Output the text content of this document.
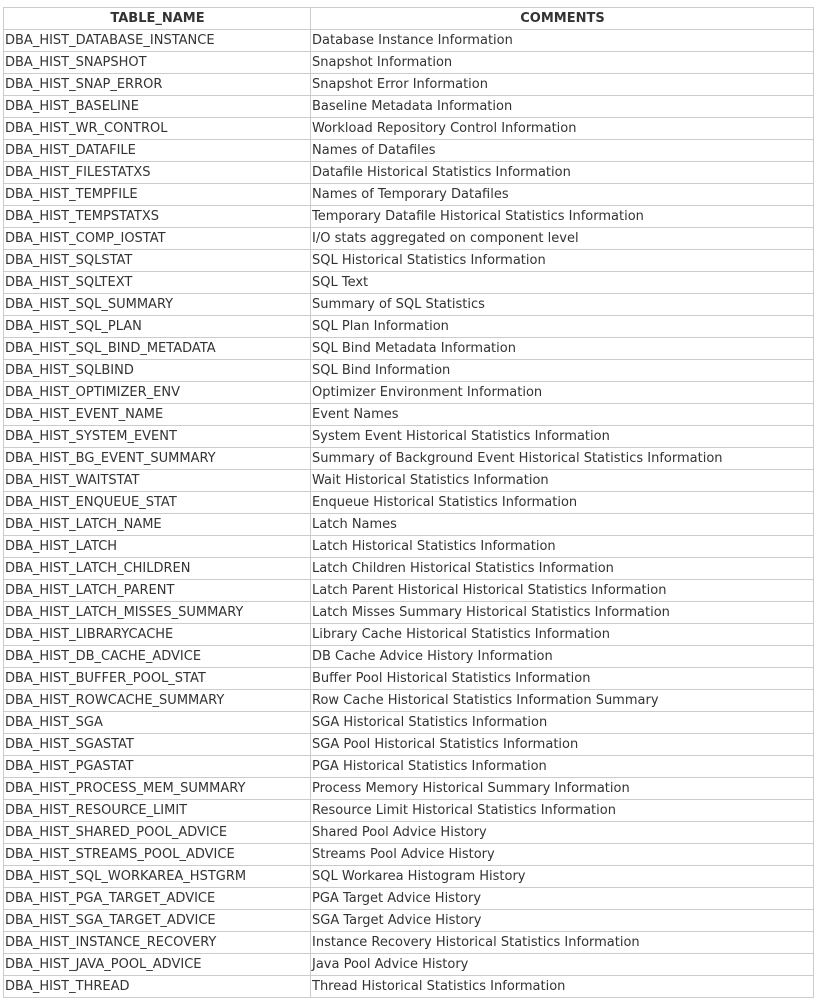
TABLE_NAME	COMMENTS
DBA_HIST_DATABASE_INSTANCE	Database Instance Information
DBA_HIST_SNAPSHOT	Snapshot Information
DBA_HIST_SNAP_ERROR	Snapshot Error Information
DBA_HIST_BASELINE	Baseline Metadata Information
DBA_HIST_WR_CONTROL	Workload Repository Control Information
DBA_HIST_DATAFILE	Names of Datafiles
DBA_HIST_FILESTATXS	Datafile Historical Statistics Information
DBA_HIST_TEMPFILE	Names of Temporary Datafiles
DBA_HIST_TEMPSTATXS	Temporary Datafile Historical Statistics Information
DBA_HIST_COMP_IOSTAT	I/O stats aggregated on component level
DBA_HIST_SQLSTAT	SQL Historical Statistics Information
DBA_HIST_SQLTEXT	SQL Text
DBA_HIST_SQL_SUMMARY	Summary of SQL Statistics
DBA_HIST_SQL_PLAN	SQL Plan Information
DBA_HIST_SQL_BIND_METADATA	SQL Bind Metadata Information
DBA_HIST_SQLBIND	SQL Bind Information
DBA_HIST_OPTIMIZER_ENV	Optimizer Environment Information
DBA_HIST_EVENT_NAME	Event Names
DBA_HIST_SYSTEM_EVENT	System Event Historical Statistics Information
DBA_HIST_BG_EVENT_SUMMARY	Summary of Background Event Historical Statistics Information
DBA_HIST_WAITSTAT	Wait Historical Statistics Information
DBA_HIST_ENQUEUE_STAT	Enqueue Historical Statistics Information
DBA_HIST_LATCH_NAME	Latch Names
DBA_HIST_LATCH	Latch Historical Statistics Information
DBA_HIST_LATCH_CHILDREN	Latch Children Historical Statistics Information
DBA_HIST_LATCH_PARENT	Latch Parent Historical Historical Statistics Information
DBA_HIST_LATCH_MISSES_SUMMARY	Latch Misses Summary Historical Statistics Information
DBA_HIST_LIBRARYCACHE	Library Cache Historical Statistics Information
DBA_HIST_DB_CACHE_ADVICE	DB Cache Advice History Information
DBA_HIST_BUFFER_POOL_STAT	Buffer Pool Historical Statistics Information
DBA_HIST_ROWCACHE_SUMMARY	Row Cache Historical Statistics Information Summary
DBA_HIST_SGA	SGA Historical Statistics Information
DBA_HIST_SGASTAT	SGA Pool Historical Statistics Information
DBA_HIST_PGASTAT	PGA Historical Statistics Information
DBA_HIST_PROCESS_MEM_SUMMARY	Process Memory Historical Summary Information
DBA_HIST_RESOURCE_LIMIT	Resource Limit Historical Statistics Information
DBA_HIST_SHARED_POOL_ADVICE	Shared Pool Advice History
DBA_HIST_STREAMS_POOL_ADVICE	Streams Pool Advice History
DBA_HIST_SQL_WORKAREA_HSTGRM	SQL Workarea Histogram History
DBA_HIST_PGA_TARGET_ADVICE	PGA Target Advice History
DBA_HIST_SGA_TARGET_ADVICE	SGA Target Advice History
DBA_HIST_INSTANCE_RECOVERY	Instance Recovery Historical Statistics Information
DBA_HIST_JAVA_POOL_ADVICE	Java Pool Advice History
DBA_HIST_THREAD	Thread Historical Statistics Information
